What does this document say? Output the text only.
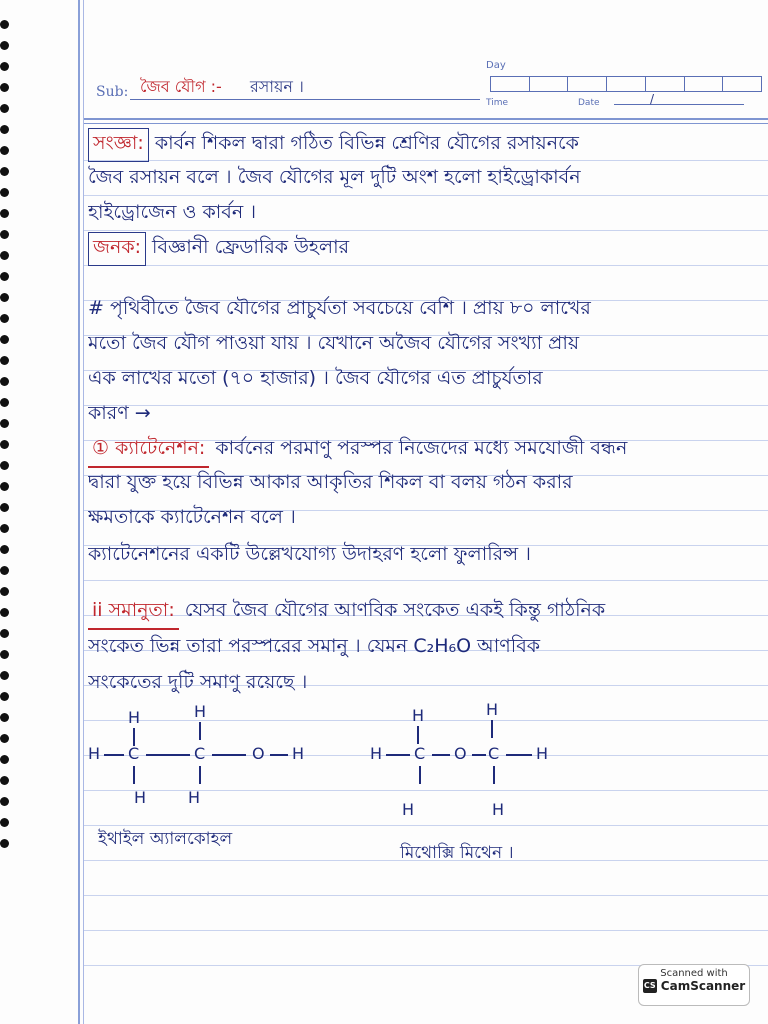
Sub: জৈব যৌগ :- রসায়ন ।
Day
Time	Date	/
সংজ্ঞা: কার্বন শিকল দ্বারা গঠিত বিভিন্ন শ্রেণির যৌগের রসায়নকে
জৈব রসায়ন বলে । জৈব যৌগের মূল দুটি অংশ হলো হাইড্রোকার্বন
হাইড্রোজেন ও কার্বন ।
জনক: বিজ্ঞানী ফ্রেডারিক উহলার
# পৃথিবীতে জৈব যৌগের প্রাচুর্যতা সবচেয়ে বেশি । প্রায় ৮০ লাখের
মতো জৈব যৌগ পাওয়া যায় । যেখানে অজৈব যৌগের সংখ্যা প্রায়
এক লাখের মতো (৭০ হাজার) । জৈব যৌগের এত প্রাচুর্যতার
কারণ →
① ক্যাটেনেশন: কার্বনের পরমাণু পরস্পর নিজেদের মধ্যে সমযোজী বন্ধন
দ্বারা যুক্ত হয়ে বিভিন্ন আকার আকৃতির শিকল বা বলয় গঠন করার
ক্ষমতাকে ক্যাটেনেশন বলে ।
ক্যাটেনেশনের একটি উল্লেখযোগ্য উদাহরণ হলো ফুলারিন্স ।
ii সমানুতা: যেসব জৈব যৌগের আণবিক সংকেত একই কিন্তু গাঠনিক
সংকেত ভিন্ন তারা পরস্পরের সমানু । যেমন C₂H₆O আণবিক
সংকেতের দুটি সমাণু রয়েছে ।
H	H
H C	C	O H
H	H
ইথাইল অ্যালকোহল
H	H
H C O C H
H	H
মিথোক্সি মিথেন ।
Scanned with
CS CamScanner
